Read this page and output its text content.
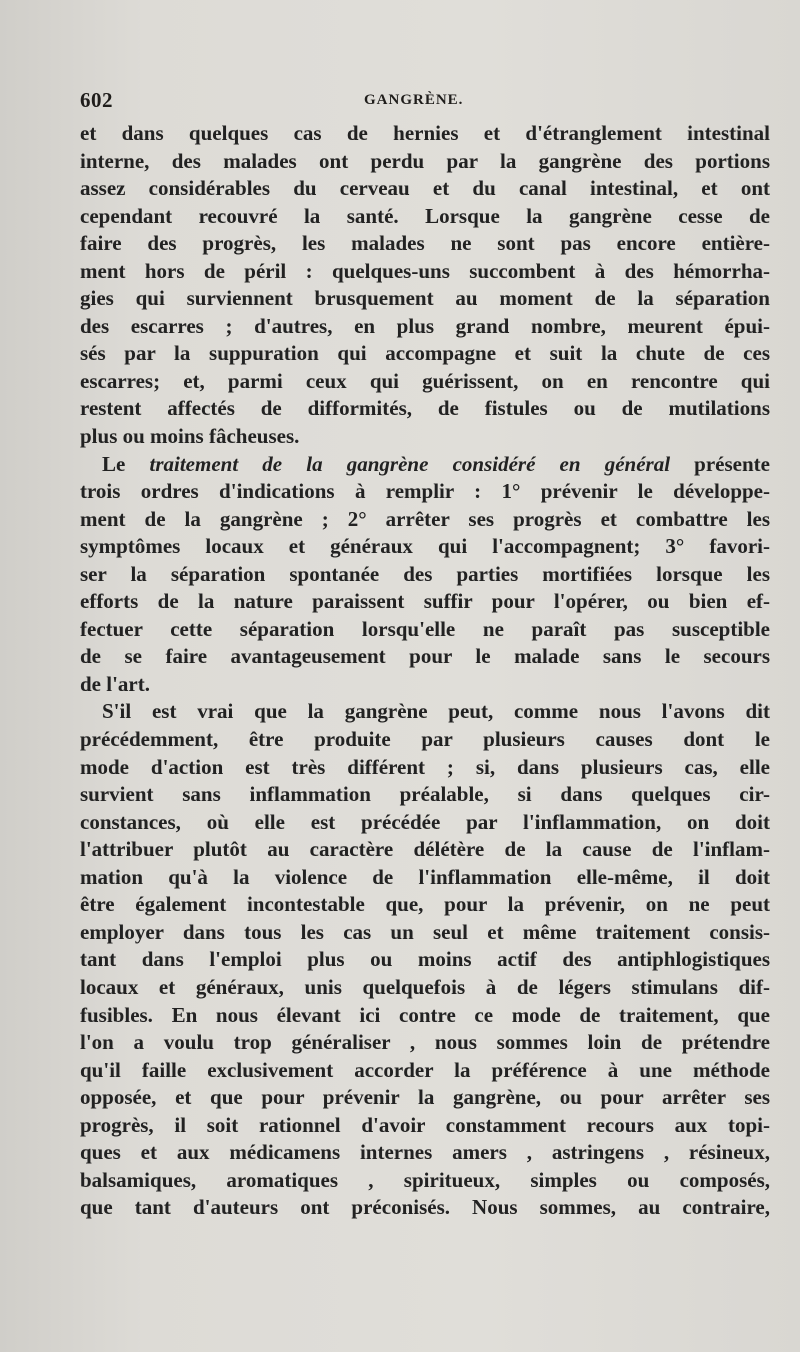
602	GANGRÈNE.
et dans quelques cas de hernies et d'étranglement intestinal
interne, des malades ont perdu par la gangrène des portions
assez considérables du cerveau et du canal intestinal, et ont
cependant recouvré la santé. Lorsque la gangrène cesse de
faire des progrès, les malades ne sont pas encore entière-
ment hors de péril : quelques-uns succombent à des hémorrha-
gies qui surviennent brusquement au moment de la séparation
des escarres ; d'autres, en plus grand nombre, meurent épui-
sés par la suppuration qui accompagne et suit la chute de ces
escarres; et, parmi ceux qui guérissent, on en rencontre qui
restent affectés de difformités, de fistules ou de mutilations
plus ou moins fâcheuses.
Le traitement de la gangrène considéré en général présente
trois ordres d'indications à remplir : 1° prévenir le développe-
ment de la gangrène ; 2° arrêter ses progrès et combattre les
symptômes locaux et généraux qui l'accompagnent; 3° favori-
ser la séparation spontanée des parties mortifiées lorsque les
efforts de la nature paraissent suffir pour l'opérer, ou bien ef-
fectuer cette séparation lorsqu'elle ne paraît pas susceptible
de se faire avantageusement pour le malade sans le secours
de l'art.
S'il est vrai que la gangrène peut, comme nous l'avons dit
précédemment, être produite par plusieurs causes dont le
mode d'action est très différent ; si, dans plusieurs cas, elle
survient sans inflammation préalable, si dans quelques cir-
constances, où elle est précédée par l'inflammation, on doit
l'attribuer plutôt au caractère délétère de la cause de l'inflam-
mation qu'à la violence de l'inflammation elle-même, il doit
être également incontestable que, pour la prévenir, on ne peut
employer dans tous les cas un seul et même traitement consis-
tant dans l'emploi plus ou moins actif des antiphlogistiques
locaux et généraux, unis quelquefois à de légers stimulans dif-
fusibles. En nous élevant ici contre ce mode de traitement, que
l'on a voulu trop généraliser , nous sommes loin de prétendre
qu'il faille exclusivement accorder la préférence à une méthode
opposée, et que pour prévenir la gangrène, ou pour arrêter ses
progrès, il soit rationnel d'avoir constamment recours aux topi-
ques et aux médicamens internes amers , astringens , résineux,
balsamiques, aromatiques , spiritueux, simples ou composés,
que tant d'auteurs ont préconisés. Nous sommes, au contraire,
